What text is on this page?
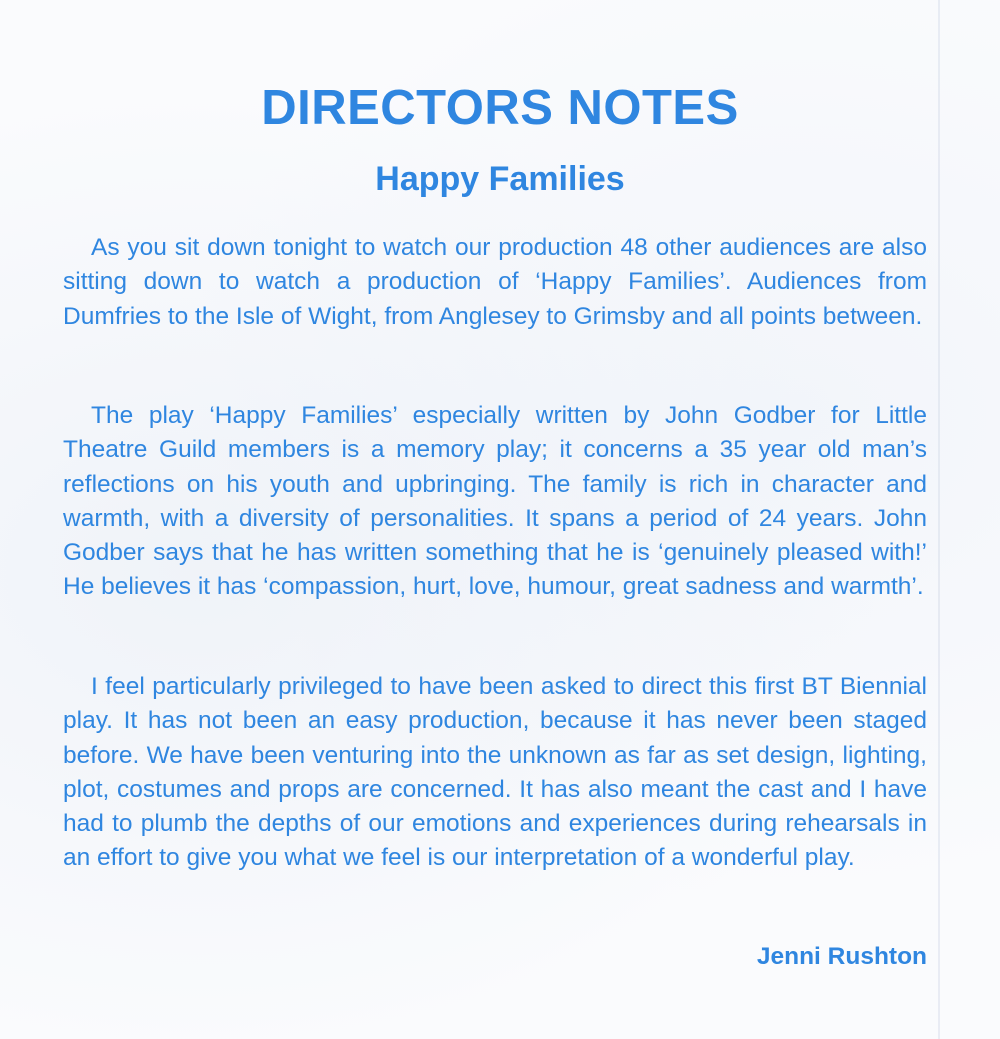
DIRECTORS NOTES
Happy Families

As you sit down tonight to watch our production 48 other audiences are also sitting down to watch a production of ‘Happy Families’. Audiences from Dumfries to the Isle of Wight, from Anglesey to Grimsby and all points between.

The play ‘Happy Families’ especially written by John Godber for Little Theatre Guild members is a memory play; it concerns a 35 year old man’s reflections on his youth and upbringing. The family is rich in character and warmth, with a diversity of personalities. It spans a period of 24 years. John Godber says that he has written something that he is ‘genuinely pleased with!’ He believes it has ‘compassion, hurt, love, humour, great sadness and warmth’.

I feel particularly privileged to have been asked to direct this first BT Biennial play. It has not been an easy production, because it has never been staged before. We have been venturing into the unknown as far as set design, lighting, plot, costumes and props are concerned. It has also meant the cast and I have had to plumb the depths of our emotions and experiences during rehearsals in an effort to give you what we feel is our interpretation of a wonderful play.

Jenni Rushton
